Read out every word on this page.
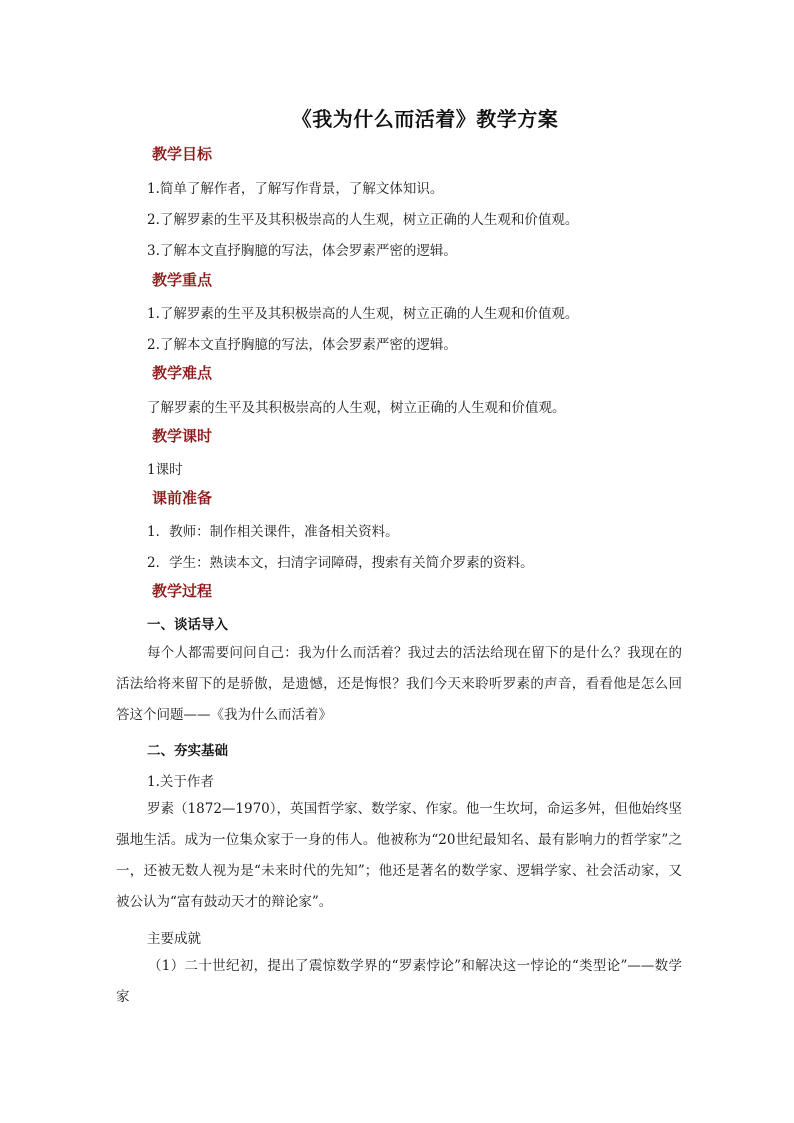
《我为什么而活着》教学方案
教学目标
1.简单了解作者，了解写作背景，了解文体知识。
2.了解罗素的生平及其积极崇高的人生观，树立正确的人生观和价值观。
3.了解本文直抒胸臆的写法，体会罗素严密的逻辑。
教学重点
1.了解罗素的生平及其积极崇高的人生观，树立正确的人生观和价值观。
2.了解本文直抒胸臆的写法，体会罗素严密的逻辑。
教学难点
了解罗素的生平及其积极崇高的人生观，树立正确的人生观和价值观。
教学课时
1课时
课前准备
1．教师：制作相关课件，准备相关资料。
2．学生：熟读本文，扫清字词障碍，搜索有关简介罗素的资料。
教学过程
一、谈话导入

每个人都需要问问自己：我为什么而活着？我过去的活法给现在留下的是什么？我现在的活法给将来留下的是骄傲，是遗憾，还是悔恨？我们今天来聆听罗素的声音，看看他是怎么回答这个问题——《我为什么而活着》

二、夯实基础
1.关于作者

罗素（1872—1970），英国哲学家、数学家、作家。他一生坎坷，命运多舛，但他始终坚强地生活。成为一位集众家于一身的伟人。他被称为“20世纪最知名、最有影响力的哲学家”之一，还被无数人视为是“未来时代的先知”；他还是著名的数学家、逻辑学家、社会活动家，又被公认为“富有鼓动天才的辩论家”。

主要成就

（1）二十世纪初，提出了震惊数学界的“罗素悖论”和解决这一悖论的“类型论”——数学家
